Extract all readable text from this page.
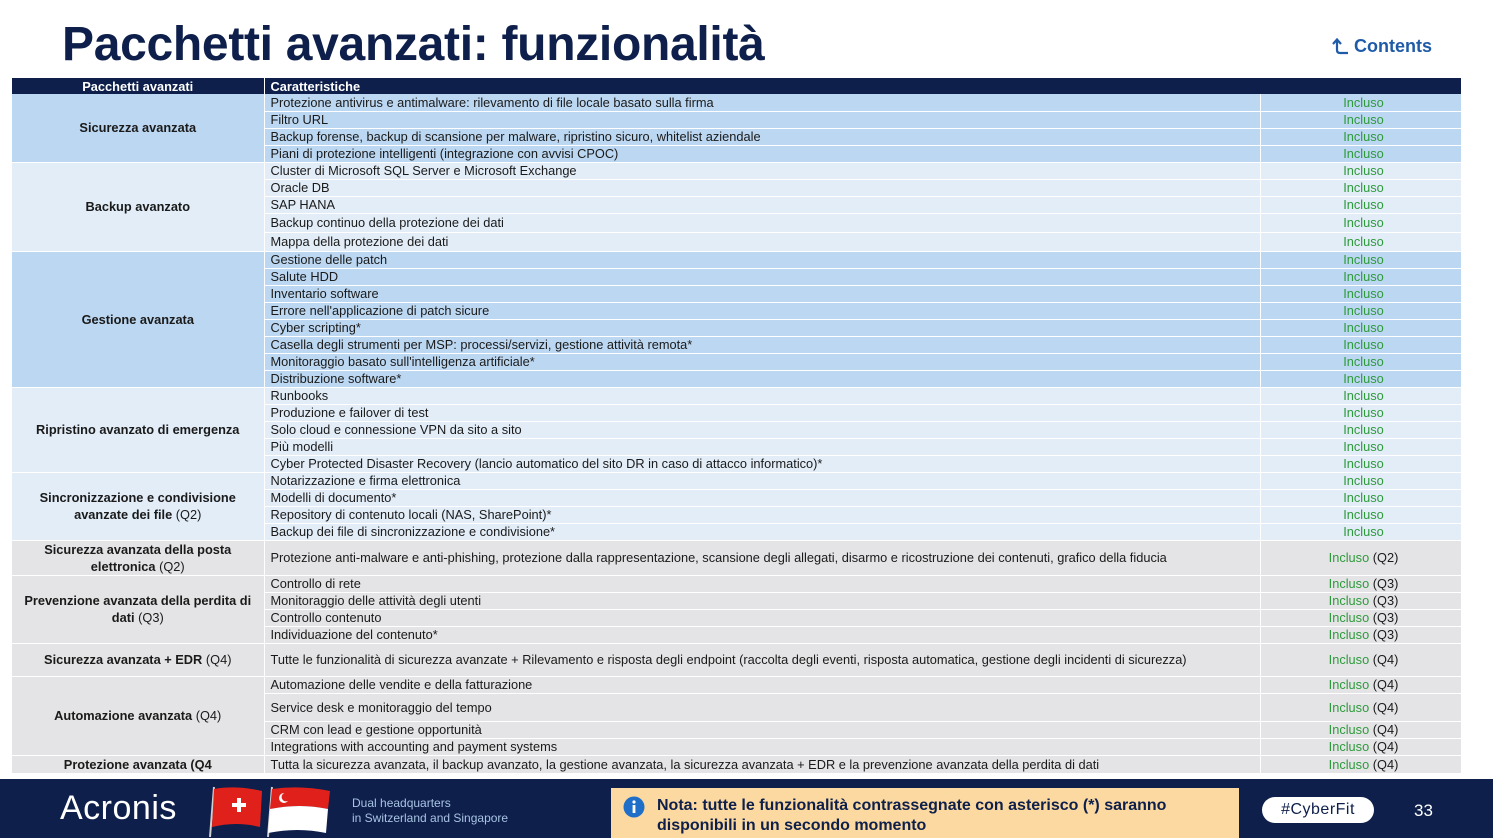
Pacchetti avanzati: funzionalità	Contents
Pacchetti avanzati	Caratteristiche	
Sicurezza avanzata	Protezione antivirus e antimalware: rilevamento di file locale basato sulla firma	Incluso
	Filtro URL	Incluso
	Backup forense, backup di scansione per malware, ripristino sicuro, whitelist aziendale	Incluso
	Piani di protezione intelligenti (integrazione con avvisi CPOC)	Incluso
Backup avanzato	Cluster di Microsoft SQL Server e Microsoft Exchange	Incluso
	Oracle DB	Incluso
	SAP HANA	Incluso
	Backup continuo della protezione dei dati	Incluso
	Mappa della protezione dei dati	Incluso
Gestione avanzata	Gestione delle patch	Incluso
	Salute HDD	Incluso
	Inventario software	Incluso
	Errore nell'applicazione di patch sicure	Incluso
	Cyber scripting*	Incluso
	Casella degli strumenti per MSP: processi/servizi, gestione attività remota*	Incluso
	Monitoraggio basato sull'intelligenza artificiale*	Incluso
	Distribuzione software*	Incluso
Ripristino avanzato di emergenza	Runbooks	Incluso
	Produzione e failover di test	Incluso
	Solo cloud e connessione VPN da sito a sito	Incluso
	Più modelli	Incluso
	Cyber Protected Disaster Recovery (lancio automatico del sito DR in caso di attacco informatico)*	Incluso
Sincronizzazione e condivisione avanzate dei file (Q2)	Notarizzazione e firma elettronica	Incluso
	Modelli di documento*	Incluso
	Repository di contenuto locali (NAS, SharePoint)*	Incluso
	Backup dei file di sincronizzazione e condivisione*	Incluso
Sicurezza avanzata della posta elettronica (Q2)	Protezione anti-malware e anti-phishing, protezione dalla rappresentazione, scansione degli allegati, disarmo e ricostruzione dei contenuti, grafico della fiducia	Incluso (Q2)
Prevenzione avanzata della perdita di dati (Q3)	Controllo di rete	Incluso (Q3)
	Monitoraggio delle attività degli utenti	Incluso (Q3)
	Controllo contenuto	Incluso (Q3)
	Individuazione del contenuto*	Incluso (Q3)
Sicurezza avanzata + EDR (Q4)	Tutte le funzionalità di sicurezza avanzate + Rilevamento e risposta degli endpoint (raccolta degli eventi, risposta automatica, gestione degli incidenti di sicurezza)	Incluso (Q4)
Automazione avanzata (Q4)	Automazione delle vendite e della fatturazione	Incluso (Q4)
	Service desk e monitoraggio del tempo	Incluso (Q4)
	CRM con lead e gestione opportunità	Incluso (Q4)
	Integrations with accounting and payment systems	Incluso (Q4)
Protezione avanzata (Q4	Tutta la sicurezza avanzata, il backup avanzato, la gestione avanzata, la sicurezza avanzata + EDR e la prevenzione avanzata della perdita di dati	Incluso (Q4)
Acronis	Dual headquarters
in Switzerland and Singapore
Nota: tutte le funzionalità contrassegnate con asterisco (*) saranno disponibili in un secondo momento
#CyberFit	33
